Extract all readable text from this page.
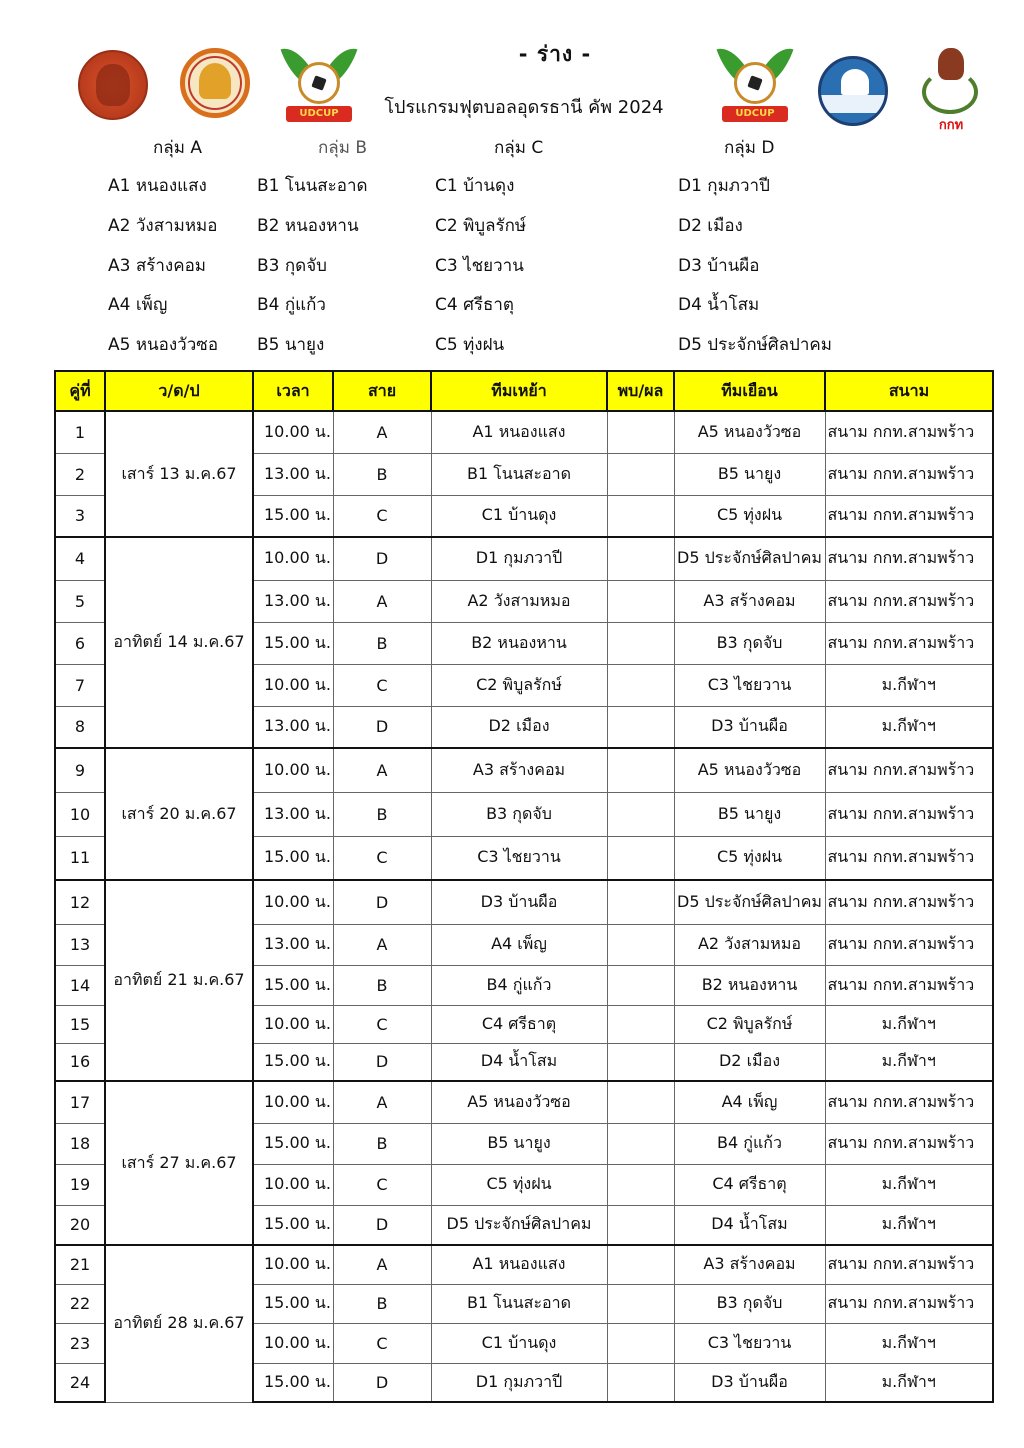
UDCUP	UDCUP
กกท
- ร่าง -
โปรแกรมฟุตบอลอุดรธานี คัพ 2024
กลุ่ม A	กลุ่ม B	กลุ่ม C	กลุ่ม D
A1 หนองแสง
A2 วังสามหมอ
A3 สร้างคอม
A4 เพ็ญ
A5 หนองวัวซอ
B1 โนนสะอาด
B2 หนองหาน
B3 กุดจับ
B4 กู่แก้ว
B5 นายูง
C1 บ้านดุง
C2 พิบูลรักษ์
C3 ไชยวาน
C4 ศรีธาตุ
C5 ทุ่งฝน
D1 กุมภวาปี
D2 เมือง
D3 บ้านผือ
D4 น้ำโสม
D5 ประจักษ์ศิลปาคม
คู่ที่	ว/ด/ป	เวลา	สาย	ทีมเหย้า	พบ/ผล	ทีมเยือน	สนาม
1	เสาร์ 13 ม.ค.67	10.00 น.	A	A1 หนองแสง		A5 หนองวัวซอ	สนาม กกท.สามพร้าว
2		13.00 น.	B	B1 โนนสะอาด		B5 นายูง	สนาม กกท.สามพร้าว
3		15.00 น.	C	C1 บ้านดุง		C5 ทุ่งฝน	สนาม กกท.สามพร้าว
4	อาทิตย์ 14 ม.ค.67	10.00 น.	D	D1 กุมภวาปี		D5 ประจักษ์ศิลปาคม	สนาม กกท.สามพร้าว
5		13.00 น.	A	A2 วังสามหมอ		A3 สร้างคอม	สนาม กกท.สามพร้าว
6		15.00 น.	B	B2 หนองหาน		B3 กุดจับ	สนาม กกท.สามพร้าว
7		10.00 น.	C	C2 พิบูลรักษ์		C3 ไชยวาน	ม.กีฬาฯ
8		13.00 น.	D	D2 เมือง		D3 บ้านผือ	ม.กีฬาฯ
9	เสาร์ 20 ม.ค.67	10.00 น.	A	A3 สร้างคอม		A5 หนองวัวซอ	สนาม กกท.สามพร้าว
10		13.00 น.	B	B3 กุดจับ		B5 นายูง	สนาม กกท.สามพร้าว
11		15.00 น.	C	C3 ไชยวาน		C5 ทุ่งฝน	สนาม กกท.สามพร้าว
12	อาทิตย์ 21 ม.ค.67	10.00 น.	D	D3 บ้านผือ		D5 ประจักษ์ศิลปาคม	สนาม กกท.สามพร้าว
13		13.00 น.	A	A4 เพ็ญ		A2 วังสามหมอ	สนาม กกท.สามพร้าว
14		15.00 น.	B	B4 กู่แก้ว		B2 หนองหาน	สนาม กกท.สามพร้าว
15		10.00 น.	C	C4 ศรีธาตุ		C2 พิบูลรักษ์	ม.กีฬาฯ
16		15.00 น.	D	D4 น้ำโสม		D2 เมือง	ม.กีฬาฯ
17	เสาร์ 27 ม.ค.67	10.00 น.	A	A5 หนองวัวซอ		A4 เพ็ญ	สนาม กกท.สามพร้าว
18		15.00 น.	B	B5 นายูง		B4 กู่แก้ว	สนาม กกท.สามพร้าว
19		10.00 น.	C	C5 ทุ่งฝน		C4 ศรีธาตุ	ม.กีฬาฯ
20		15.00 น.	D	D5 ประจักษ์ศิลปาคม		D4 น้ำโสม	ม.กีฬาฯ
21	อาทิตย์ 28 ม.ค.67	10.00 น.	A	A1 หนองแสง		A3 สร้างคอม	สนาม กกท.สามพร้าว
22		15.00 น.	B	B1 โนนสะอาด		B3 กุดจับ	สนาม กกท.สามพร้าว
23		10.00 น.	C	C1 บ้านดุง		C3 ไชยวาน	ม.กีฬาฯ
24		15.00 น.	D	D1 กุมภวาปี		D3 บ้านผือ	ม.กีฬาฯ
